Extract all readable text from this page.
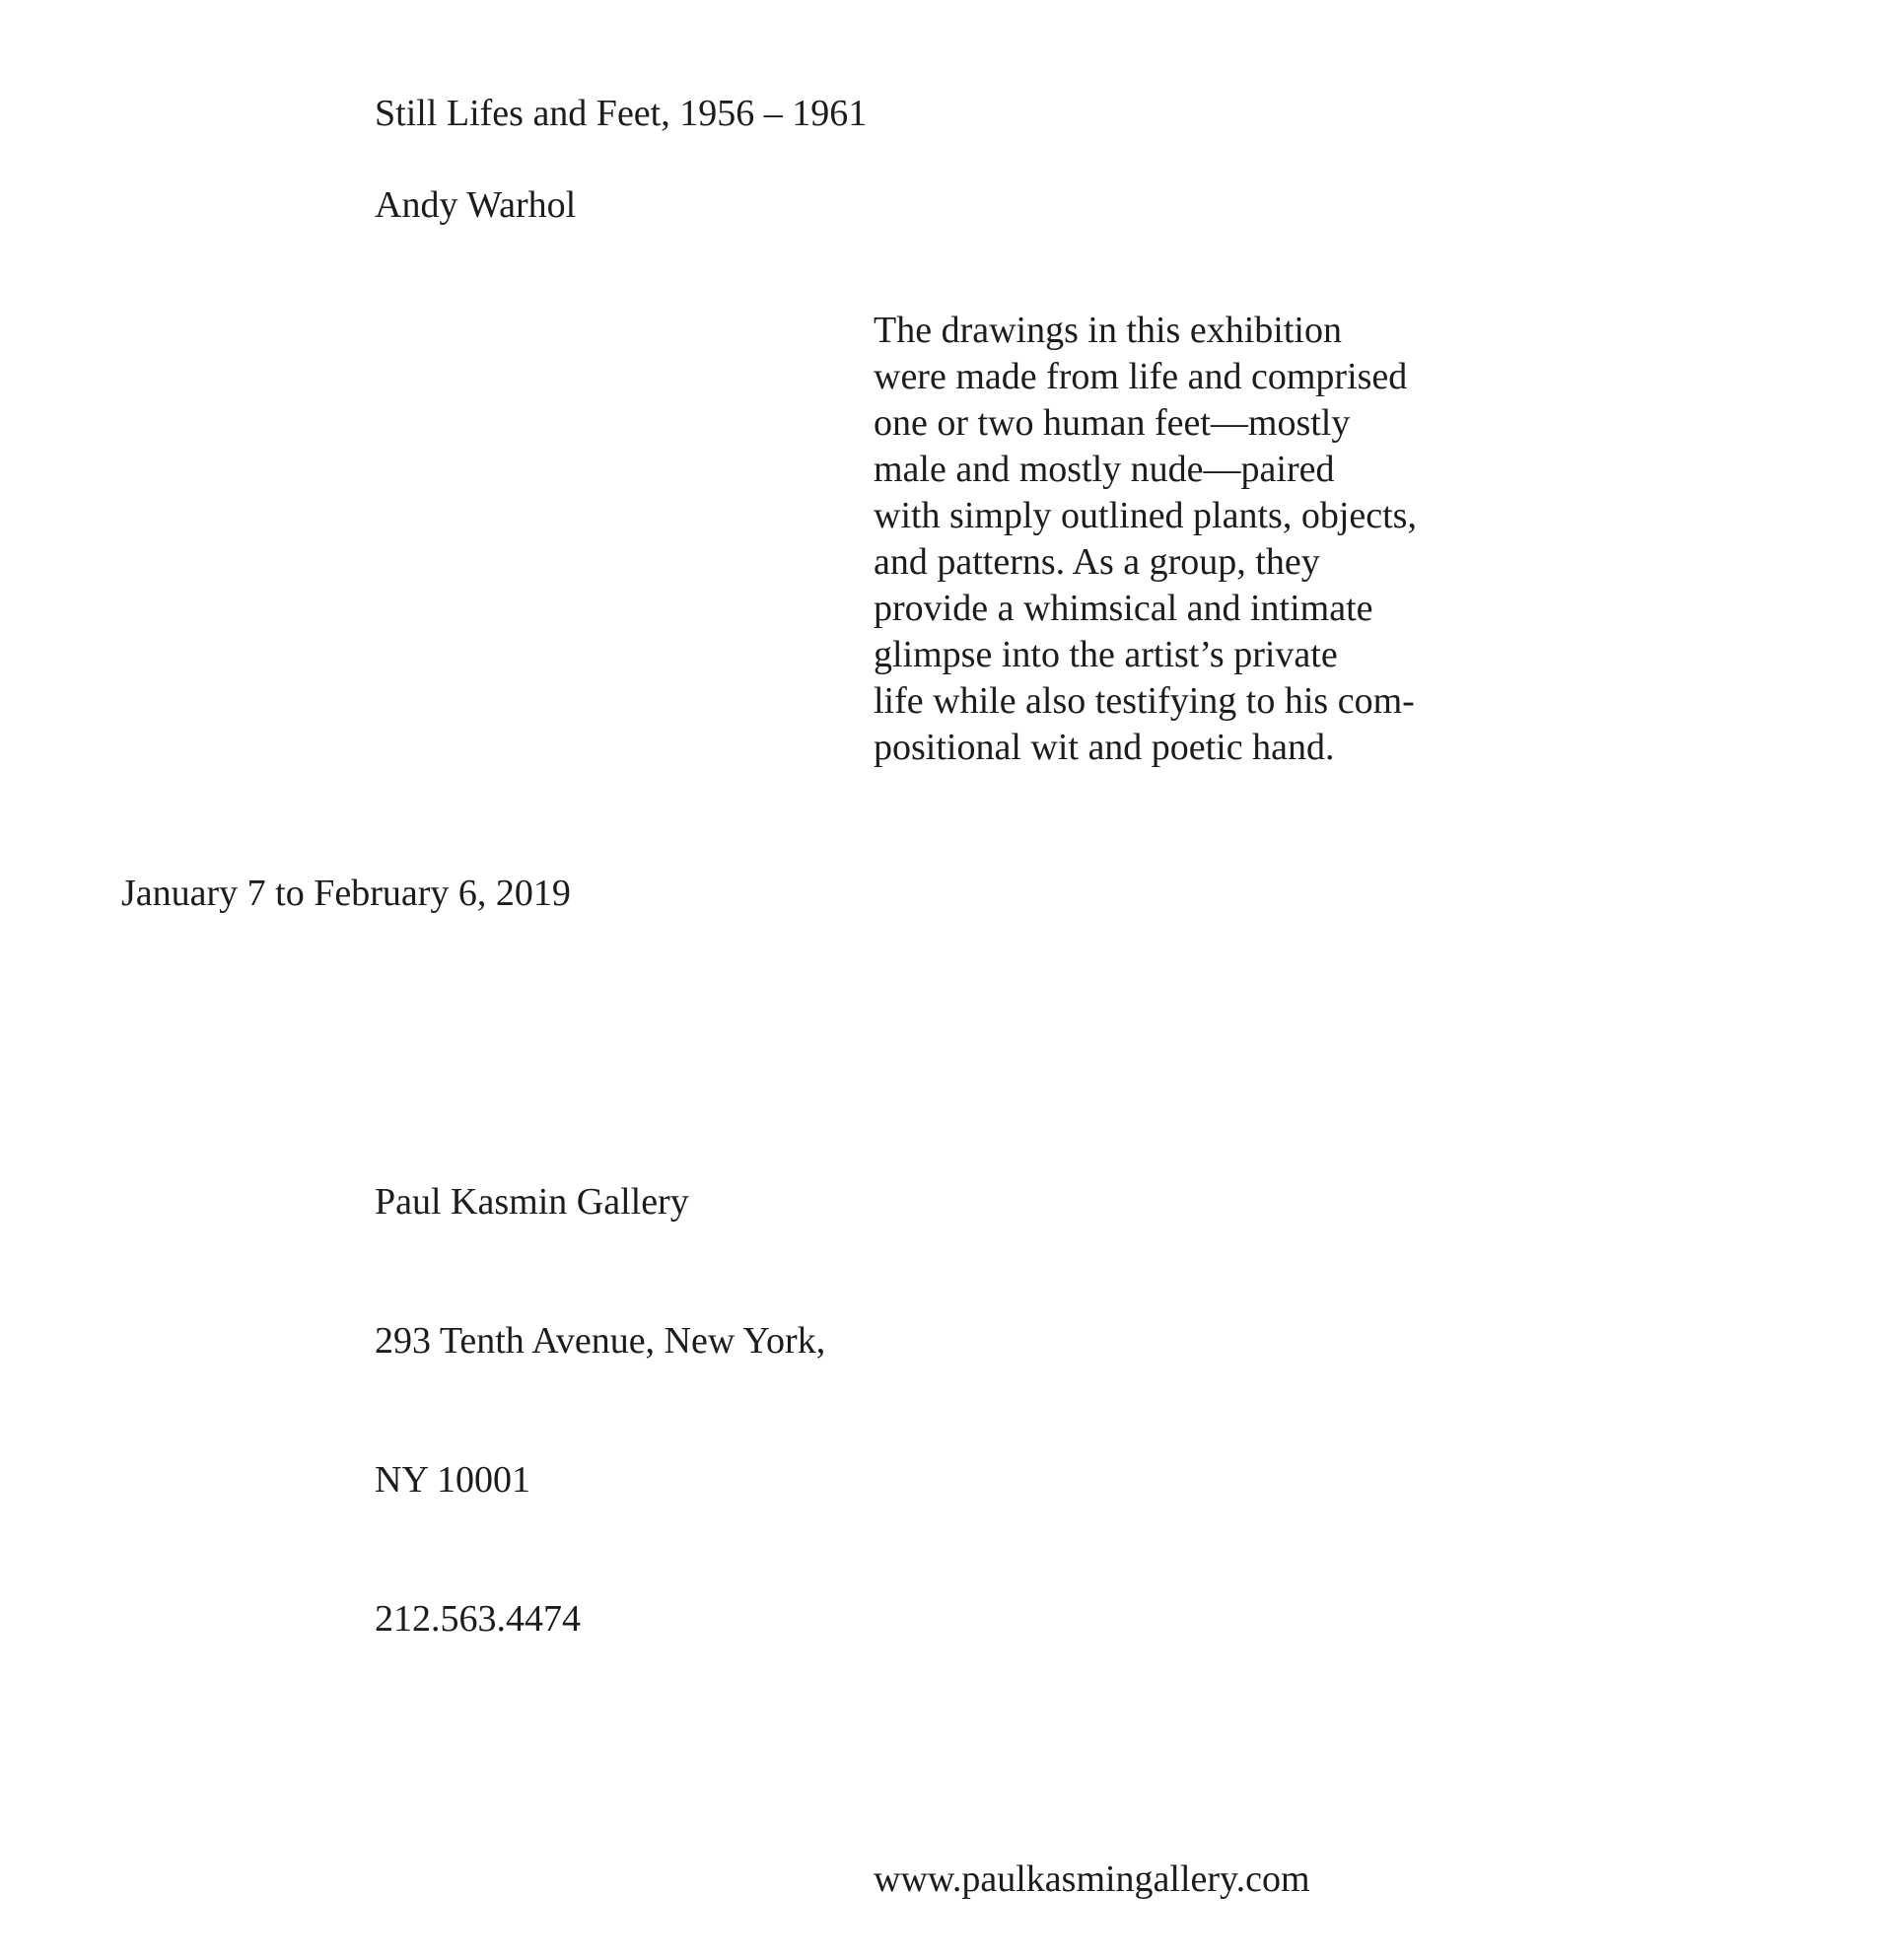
Still Lifes and Feet, 1956 – 1961
Andy Warhol
The drawings in this exhibition
were made from life and comprised
one or two human feet—mostly
male and mostly nude—paired
with simply outlined plants, objects,
and patterns. As a group, they
provide a whimsical and intimate
glimpse into the artist’s private
life while also testifying to his com-
positional wit and poetic hand.
January 7 to February 6, 2019

Paul Kasmin Gallery

293 Tenth Avenue, New York,

NY 10001

212.563.4474

www.paulkasmingallery.com
